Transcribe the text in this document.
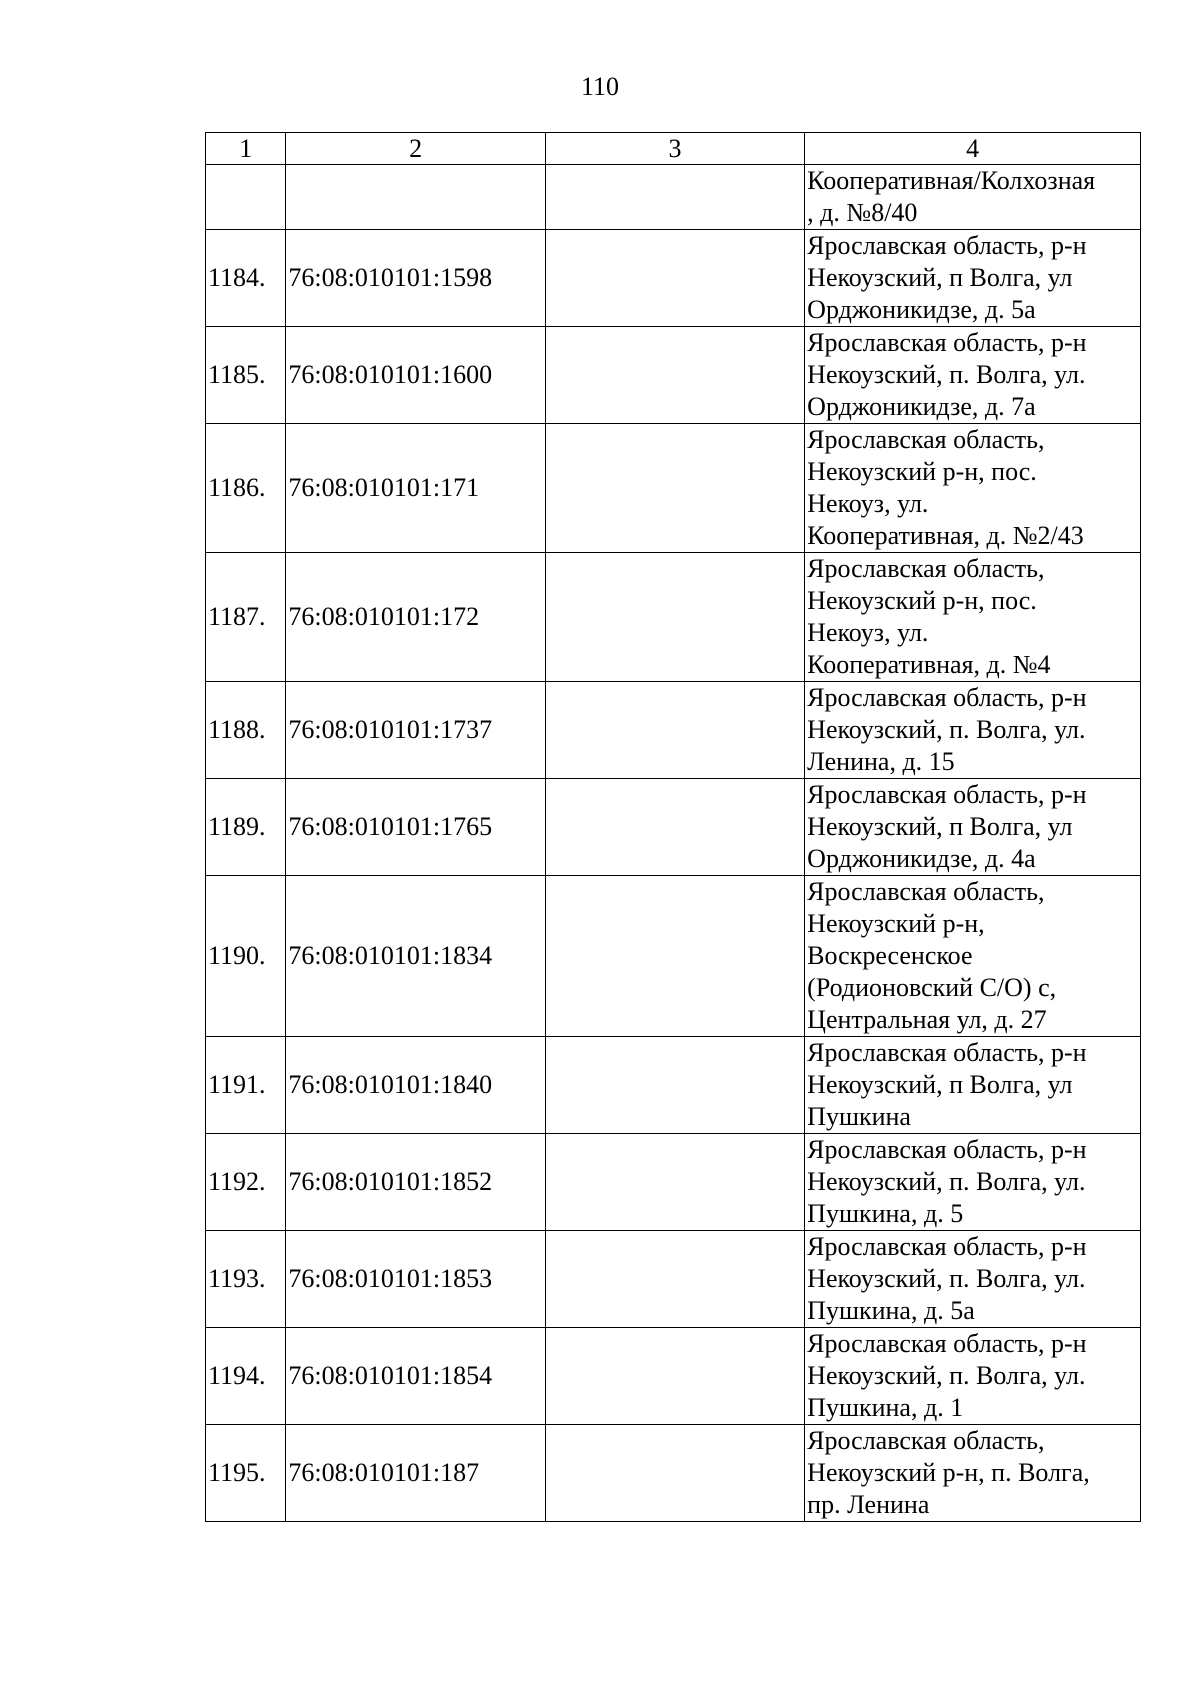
110
1	2	3	4

			Кооперативная/Колхозная
, д. №8/40

1184.	76:08:010101:1598		Ярославская область, р-н
Некоузский, п Волга, ул
Орджоникидзе, д. 5а

1185.	76:08:010101:1600		Ярославская область, р-н
Некоузский, п. Волга, ул.
Орджоникидзе, д. 7а

1186.	76:08:010101:171		Ярославская область,
Некоузский р-н, пос.
Некоуз, ул.
Кооперативная, д. №2/43

1187.	76:08:010101:172		Ярославская область,
Некоузский р-н, пос.
Некоуз, ул.
Кооперативная, д. №4

1188.	76:08:010101:1737		Ярославская область, р-н
Некоузский, п. Волга, ул.
Ленина, д. 15

1189.	76:08:010101:1765		Ярославская область, р-н
Некоузский, п Волга, ул
Орджоникидзе, д. 4а

1190.	76:08:010101:1834		Ярославская область,
Некоузский р-н,
Воскресенское
(Родионовский С/О) с,
Центральная ул, д. 27

1191.	76:08:010101:1840		Ярославская область, р-н
Некоузский, п Волга, ул
Пушкина

1192.	76:08:010101:1852		Ярославская область, р-н
Некоузский, п. Волга, ул.
Пушкина, д. 5

1193.	76:08:010101:1853		Ярославская область, р-н
Некоузский, п. Волга, ул.
Пушкина, д. 5а

1194.	76:08:010101:1854		Ярославская область, р-н
Некоузский, п. Волга, ул.
Пушкина, д. 1

1195.	76:08:010101:187		Ярославская область,
Некоузский р-н, п. Волга,
пр. Ленина
